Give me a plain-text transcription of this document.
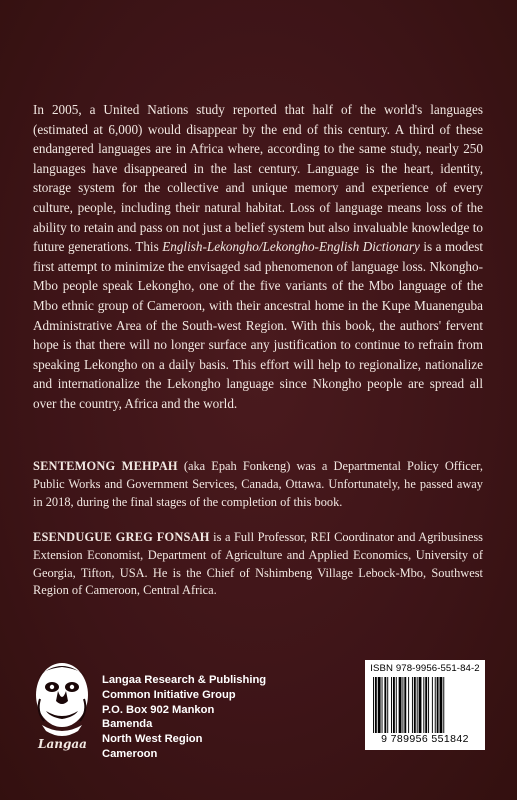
In 2005, a United Nations study reported that half of the world's languages (estimated at 6,000) would disappear by the end of this century. A third of these endangered languages are in Africa where, according to the same study, nearly 250 languages have disappeared in the last century. Language is the heart, identity, storage system for the collective and unique memory and experience of every culture, people, including their natural habitat. Loss of language means loss of the ability to retain and pass on not just a belief system but also invaluable knowledge to future generations. This English-Lekongho/Lekongho-English Dictionary is a modest first attempt to minimize the envisaged sad phenomenon of language loss. Nkongho-Mbo people speak Lekongho, one of the five variants of the Mbo language of the Mbo ethnic group of Cameroon, with their ancestral home in the Kupe Muanenguba Administrative Area of the South-west Region. With this book, the authors' fervent hope is that there will no longer surface any justification to continue to refrain from speaking Lekongho on a daily basis. This effort will help to regionalize, nationalize and internationalize the Lekongho language since Nkongho people are spread all over the country, Africa and the world.

SENTEMONG MEHPAH (aka Epah Fonkeng) was a Departmental Policy Officer, Public Works and Government Services, Canada, Ottawa. Unfortunately, he passed away in 2018, during the final stages of the completion of this book.

ESENDUGUE GREG FONSAH is a Full Professor, REI Coordinator and Agribusiness Extension Economist, Department of Agriculture and Applied Economics, University of Georgia, Tifton, USA. He is the Chief of Nshimbeng Village Lebock-Mbo, Southwest Region of Cameroon, Central Africa.

Langaa
Langaa Research & Publishing
Common Initiative Group
P.O. Box 902 Mankon
Bamenda
North West Region
Cameroon
ISBN 978-9956-551-84-2
9 789956 551842
